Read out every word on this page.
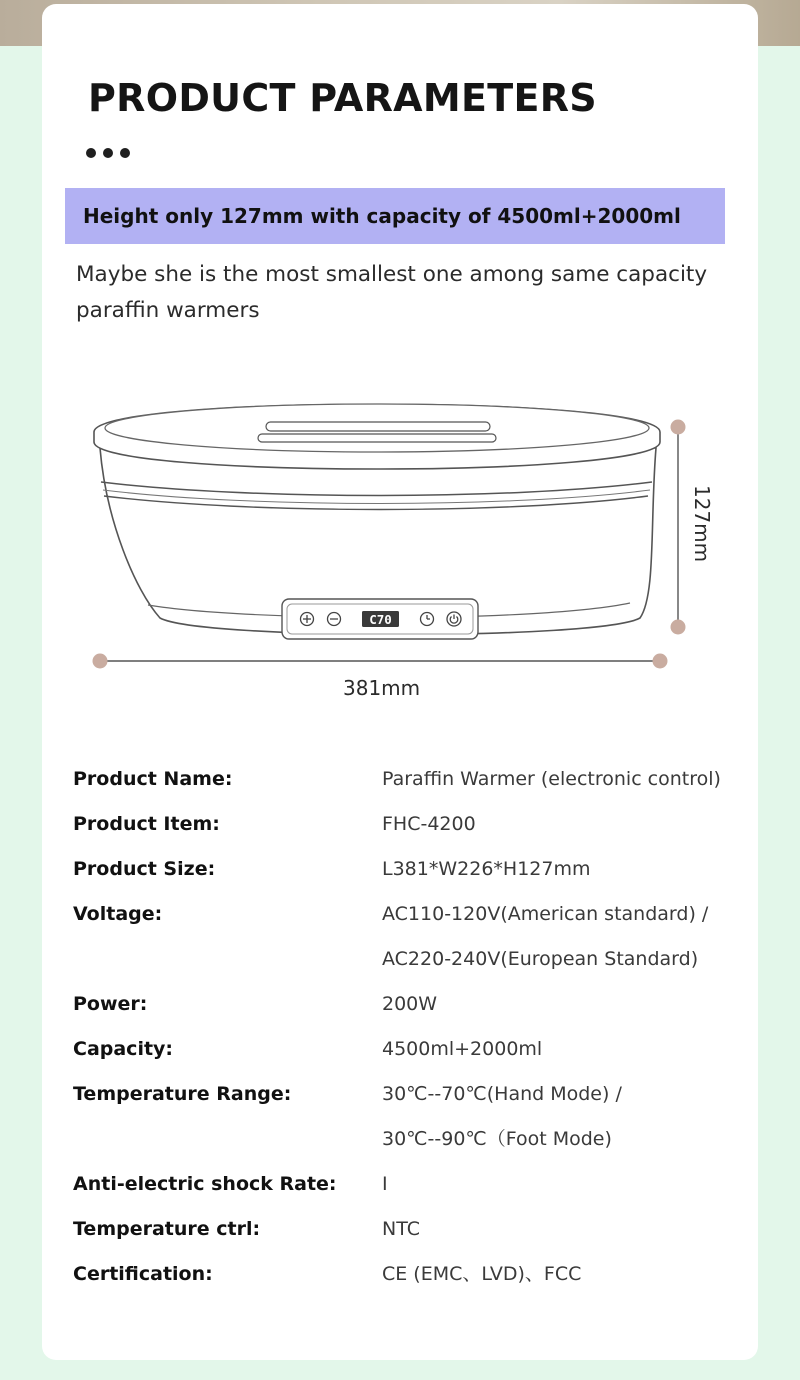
PRODUCT PARAMETERS
Height only 127mm with capacity of 4500ml+2000ml
Maybe she is the most smallest one among same capacity
paraffin warmers
C70
381mm
127mm
Product Name:	Paraffin Warmer (electronic control)
Product Item:	FHC-4200
Product Size:	L381*W226*H127mm
Voltage:	AC110-120V(American standard) /
AC220-240V(European Standard)
Power:	200W
Capacity:	4500ml+2000ml
Temperature Range:	30℃--70℃(Hand Mode) /
30℃--90℃（Foot Mode)
Anti-electric shock Rate: Ⅰ
Temperature ctrl:	NTC
Certification:	CE (EMC、LVD)、FCC
